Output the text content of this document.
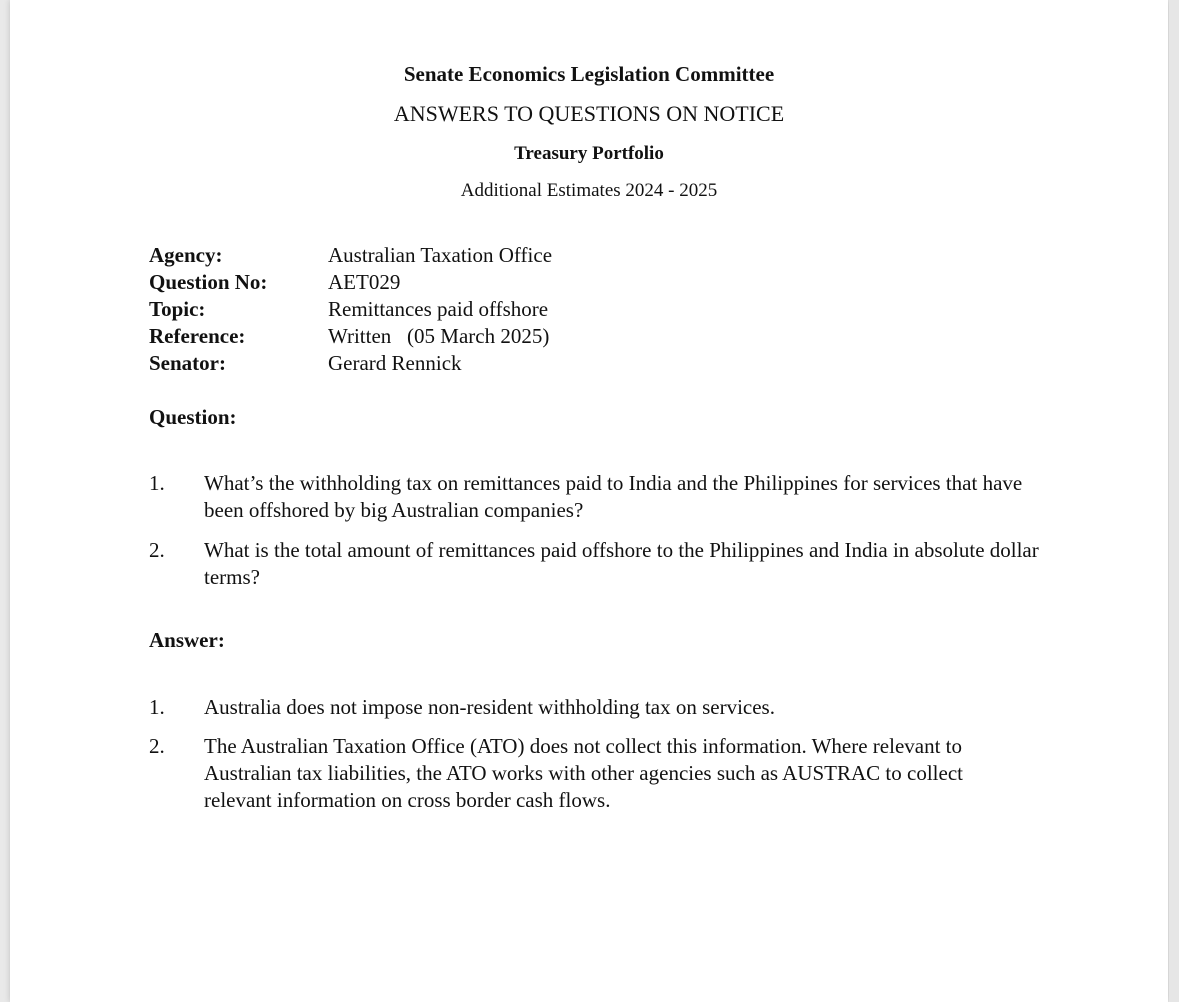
Senate Economics Legislation Committee
ANSWERS TO QUESTIONS ON NOTICE
Treasury Portfolio
Additional Estimates 2024 - 2025
Agency:	Australian Taxation Office
Question No:	AET029
Topic:	Remittances paid offshore
Reference:	Written   (05 March 2025)
Senator:	Gerard Rennick
Question:
1. What’s the withholding tax on remittances paid to India and the Philippines for services that have been offshored by big Australian companies?
2. What is the total amount of remittances paid offshore to the Philippines and India in absolute dollar terms?
Answer:
1. Australia does not impose non-resident withholding tax on services.
2. The Australian Taxation Office (ATO) does not collect this information. Where relevant to Australian tax liabilities, the ATO works with other agencies such as AUSTRAC to collect relevant information on cross border cash flows.
